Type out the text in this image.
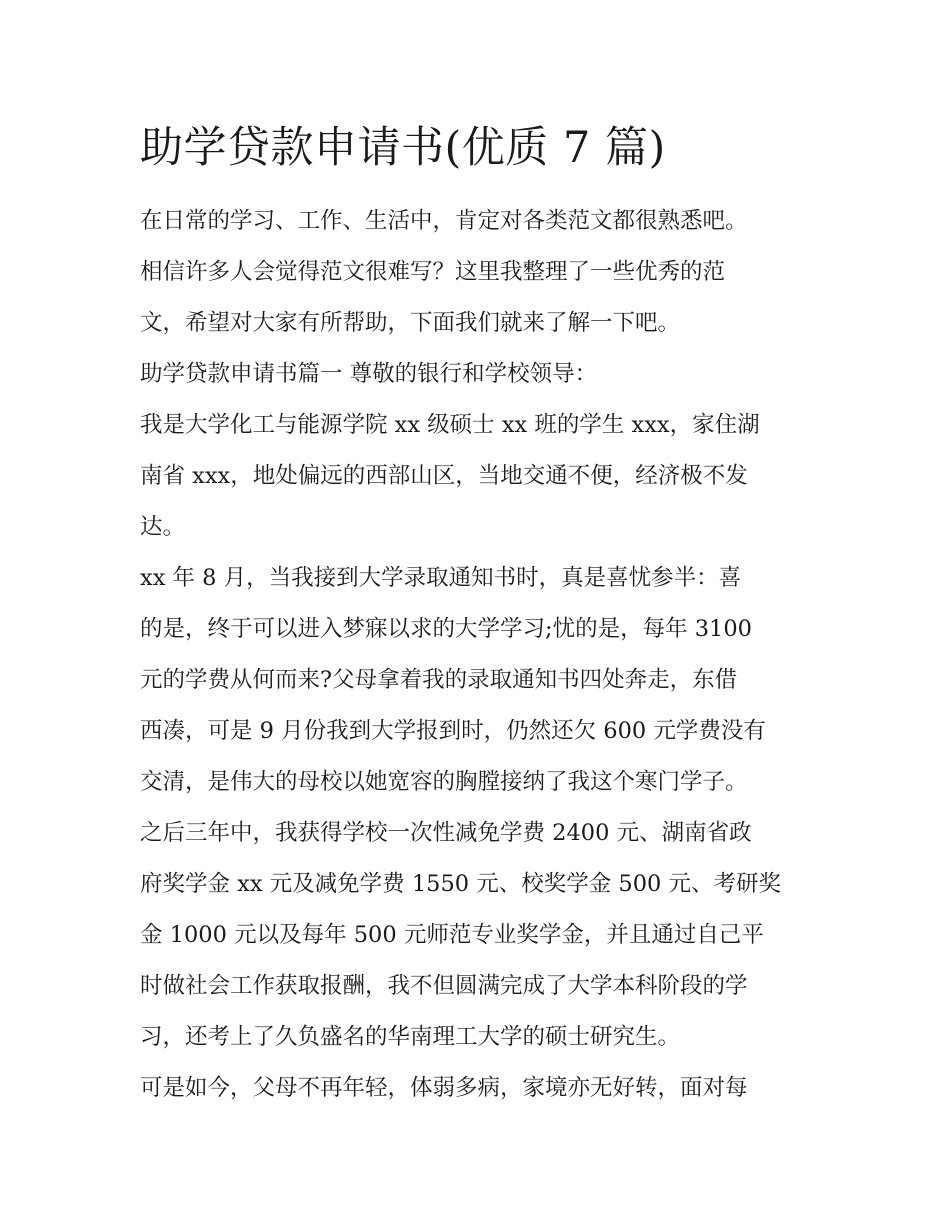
助学贷款申请书(优质 7 篇)

在日常的学习、工作、生活中，肯定对各类范文都很熟悉吧。

相信许多人会觉得范文很难写？这里我整理了一些优秀的范

文，希望对大家有所帮助，下面我们就来了解一下吧。

助学贷款申请书篇一 尊敬的银行和学校领导：

我是大学化工与能源学院 xx 级硕士 xx 班的学生 xxx，家住湖

南省 xxx，地处偏远的西部山区，当地交通不便，经济极不发

达。

xx 年 8 月，当我接到大学录取通知书时，真是喜忧参半：喜

的是，终于可以进入梦寐以求的大学学习;忧的是，每年 3100

元的学费从何而来?父母拿着我的录取通知书四处奔走，东借

西凑，可是 9 月份我到大学报到时，仍然还欠 600 元学费没有

交清，是伟大的母校以她宽容的胸膛接纳了我这个寒门学子。

之后三年中，我获得学校一次性减免学费 2400 元、湖南省政

府奖学金 xx 元及减免学费 1550 元、校奖学金 500 元、考研奖

金 1000 元以及每年 500 元师范专业奖学金，并且通过自己平

时做社会工作获取报酬，我不但圆满完成了大学本科阶段的学

习，还考上了久负盛名的华南理工大学的硕士研究生。

可是如今，父母不再年轻，体弱多病，家境亦无好转，面对每
